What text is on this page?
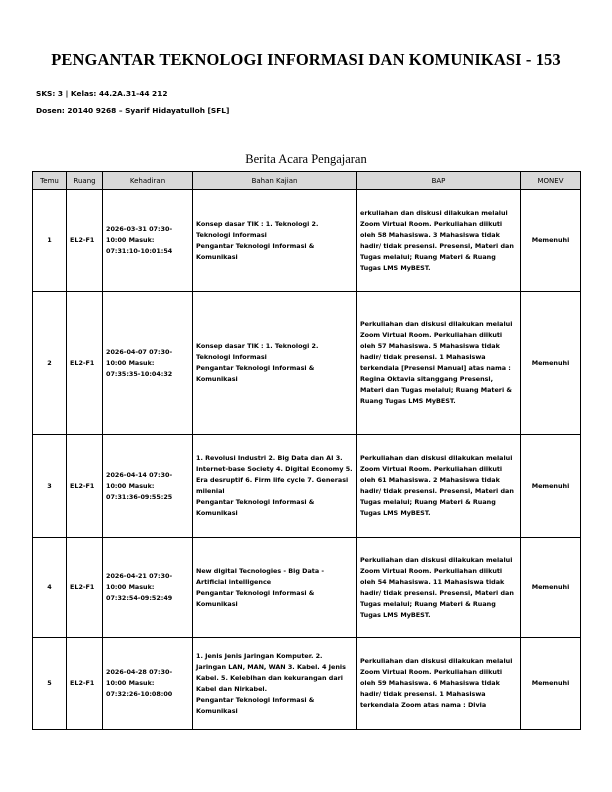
PENGANTAR TEKNOLOGI INFORMASI DAN KOMUNIKASI - 153
SKS: 3 | Kelas: 44.2A.31-44 212
Dosen: 20140 9268 – Syarif Hidayatulloh [SFL]
Berita Acara Pengajaran
Temu	Ruang	Kehadiran	Bahan Kajian	BAP	MONEV
1	EL2-F1	2026-03-31 07:30-10:00 Masuk: 07:31:10-10:01:54	Konsep dasar TIK : 1. Teknologi 2. Teknologi Informasi
Pengantar Teknologi Informasi & Komunikasi	erkuliahan dan diskusi dilakukan melalui Zoom Virtual Room. Perkuliahan diikuti oleh 58 Mahasiswa. 3 Mahasiswa tidak hadir/ tidak presensi. Presensi, Materi dan Tugas melalui; Ruang Materi & Ruang Tugas LMS MyBEST.	Memenuhi
2	EL2-F1	2026-04-07 07:30-10:00 Masuk: 07:35:35-10:04:32	Konsep dasar TIK : 1. Teknologi 2. Teknologi Informasi
Pengantar Teknologi Informasi & Komunikasi	Perkuliahan dan diskusi dilakukan melalui Zoom Virtual Room. Perkuliahan diikuti oleh 57 Mahasiswa. 5 Mahasiswa tidak hadir/ tidak presensi. 1 Mahasiswa terkendala [Presensi Manual] atas nama : Regina Oktavia sitanggang Presensi, Materi dan Tugas melalui; Ruang Materi & Ruang Tugas LMS MyBEST.	Memenuhi
3	EL2-F1	2026-04-14 07:30-10:00 Masuk: 07:31:36-09:55:25	1. Revolusi Industri 2. Big Data dan AI 3. Internet-base Society 4. Digital Economy 5. Era desruptif 6. Firm life cycle 7. Generasi milenial
Pengantar Teknologi Informasi & Komunikasi	Perkuliahan dan diskusi dilakukan melalui Zoom Virtual Room. Perkuliahan diikuti oleh 61 Mahasiswa. 2 Mahasiswa tidak hadir/ tidak presensi. Presensi, Materi dan Tugas melalui; Ruang Materi & Ruang Tugas LMS MyBEST.	Memenuhi
4	EL2-F1	2026-04-21 07:30-10:00 Masuk: 07:32:54-09:52:49	New digital Tecnologies - Big Data - Artificial intelligence
Pengantar Teknologi Informasi & Komunikasi	Perkuliahan dan diskusi dilakukan melalui Zoom Virtual Room. Perkuliahan diikuti oleh 54 Mahasiswa. 11 Mahasiswa tidak hadir/ tidak presensi. Presensi, Materi dan Tugas melalui; Ruang Materi & Ruang Tugas LMS MyBEST.	Memenuhi
5	EL2-F1	2026-04-28 07:30-10:00 Masuk: 07:32:26-10:08:00	1. Jenis Jenis Jaringan Komputer. 2. Jaringan LAN, MAN, WAN 3. Kabel. 4 Jenis Kabel. 5. Kelebihan dan kekurangan dari Kabel dan Nirkabel.
Pengantar Teknologi Informasi & Komunikasi	Perkuliahan dan diskusi dilakukan melalui Zoom Virtual Room. Perkuliahan diikuti oleh 59 Mahasiswa. 6 Mahasiswa tidak hadir/ tidak presensi. 1 Mahasiswa terkendala Zoom atas nama : Divia	Memenuhi
